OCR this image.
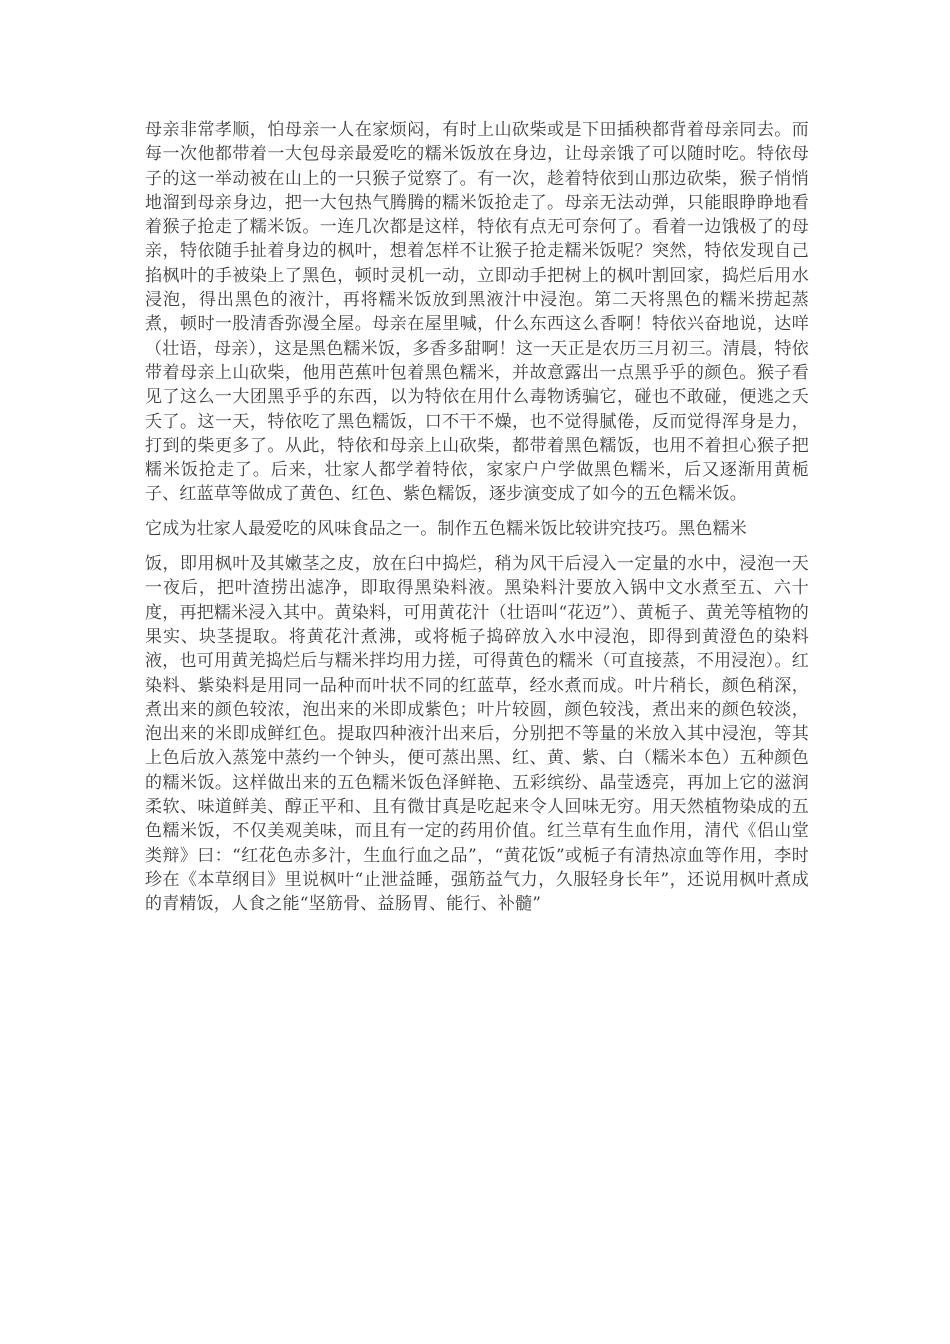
母亲非常孝顺，怕母亲一人在家烦闷，有时上山砍柴或是下田插秧都背着母亲同去。而每一次他都带着一大包母亲最爱吃的糯米饭放在身边，让母亲饿了可以随时吃。特依母子的这一举动被在山上的一只猴子觉察了。有一次，趁着特依到山那边砍柴，猴子悄悄地溜到母亲身边，把一大包热气腾腾的糯米饭抢走了。母亲无法动弹，只能眼睁睁地看着猴子抢走了糯米饭。一连几次都是这样，特依有点无可奈何了。看着一边饿极了的母亲，特依随手扯着身边的枫叶，想着怎样不让猴子抢走糯米饭呢？突然，特依发现自己掐枫叶的手被染上了黑色，顿时灵机一动，立即动手把树上的枫叶割回家，捣烂后用水浸泡，得出黑色的液汁，再将糯米饭放到黑液汁中浸泡。第二天将黑色的糯米捞起蒸煮，顿时一股清香弥漫全屋。母亲在屋里喊，什么东西这么香啊！特依兴奋地说，达咩（壮语，母亲），这是黑色糯米饭，多香多甜啊！这一天正是农历三月初三。清晨，特依带着母亲上山砍柴，他用芭蕉叶包着黑色糯米，并故意露出一点黑乎乎的颜色。猴子看见了这么一大团黑乎乎的东西，以为特依在用什么毒物诱骗它，碰也不敢碰，便逃之夭夭了。这一天，特依吃了黑色糯饭，口不干不燥，也不觉得腻倦，反而觉得浑身是力，打到的柴更多了。从此，特依和母亲上山砍柴，都带着黑色糯饭，也用不着担心猴子把糯米饭抢走了。后来，壮家人都学着特依，家家户户学做黑色糯米，后又逐渐用黄栀子、红蓝草等做成了黄色、红色、紫色糯饭，逐步演变成了如今的五色糯米饭。

它成为壮家人最爱吃的风味食品之一。制作五色糯米饭比较讲究技巧。黑色糯米

饭，即用枫叶及其嫩茎之皮，放在臼中捣烂，稍为风干后浸入一定量的水中，浸泡一天一夜后，把叶渣捞出滤净，即取得黑染料液。黑染料汁要放入锅中文水煮至五、六十度，再把糯米浸入其中。黄染料，可用黄花汁（壮语叫“花迈”）、黄栀子、黄羌等植物的果实、块茎提取。将黄花汁煮沸，或将栀子捣碎放入水中浸泡，即得到黄澄色的染料液，也可用黄羌捣烂后与糯米拌均用力搓，可得黄色的糯米（可直接蒸，不用浸泡）。红染料、紫染料是用同一品种而叶状不同的红蓝草，经水煮而成。叶片稍长，颜色稍深，煮出来的颜色较浓，泡出来的米即成紫色；叶片较圆，颜色较浅，煮出来的颜色较淡，泡出来的米即成鲜红色。提取四种液汁出来后，分别把不等量的米放入其中浸泡，等其上色后放入蒸笼中蒸约一个钟头，便可蒸出黑、红、黄、紫、白（糯米本色）五种颜色的糯米饭。这样做出来的五色糯米饭色泽鲜艳、五彩缤纷、晶莹透亮，再加上它的滋润柔软、味道鲜美、醇正平和、且有微甘真是吃起来令人回味无穷。用天然植物染成的五色糯米饭，不仅美观美味，而且有一定的药用价值。红兰草有生血作用，清代《侣山堂类辩》曰：“红花色赤多汁，生血行血之品”，“黄花饭”或栀子有清热凉血等作用，李时珍在《本草纲目》里说枫叶“止泄益睡，强筋益气力，久服轻身长年”，还说用枫叶煮成的青精饭，人食之能“坚筋骨、益肠胃、能行、补髓”
